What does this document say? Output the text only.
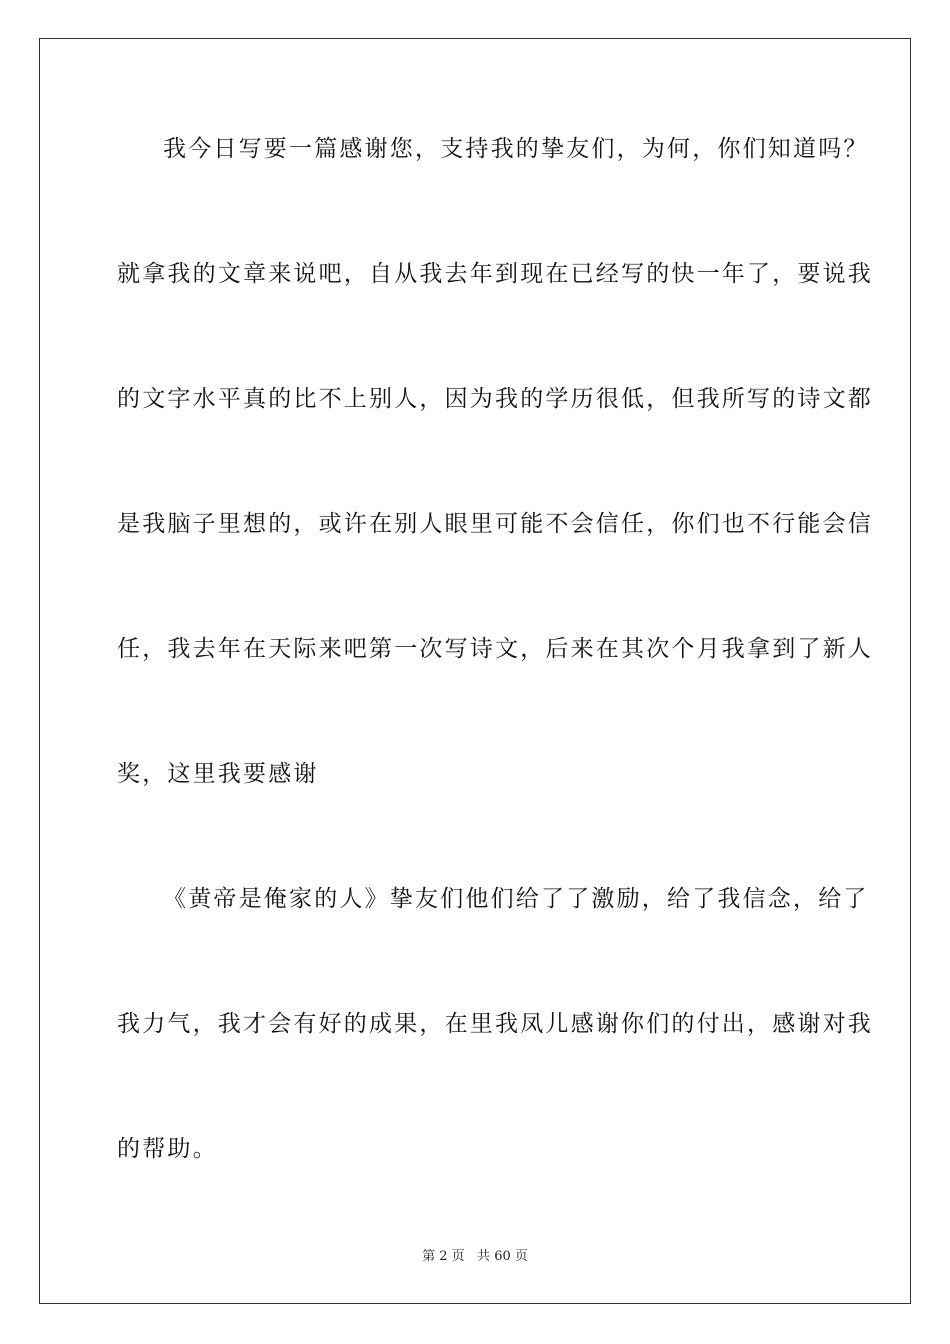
我今日写要一篇感谢您，支持我的挚友们，为何，你们知道吗？

就拿我的文章来说吧，自从我去年到现在已经写的快一年了，要说我

的文字水平真的比不上别人，因为我的学历很低，但我所写的诗文都

是我脑子里想的，或许在别人眼里可能不会信任，你们也不行能会信

任，我去年在天际来吧第一次写诗文，后来在其次个月我拿到了新人

奖，这里我要感谢

《黄帝是俺家的人》挚友们他们给了了激励，给了我信念，给了

我力气，我才会有好的成果，在里我凤儿感谢你们的付出，感谢对我

的帮助。

第 2 页   共 60 页
